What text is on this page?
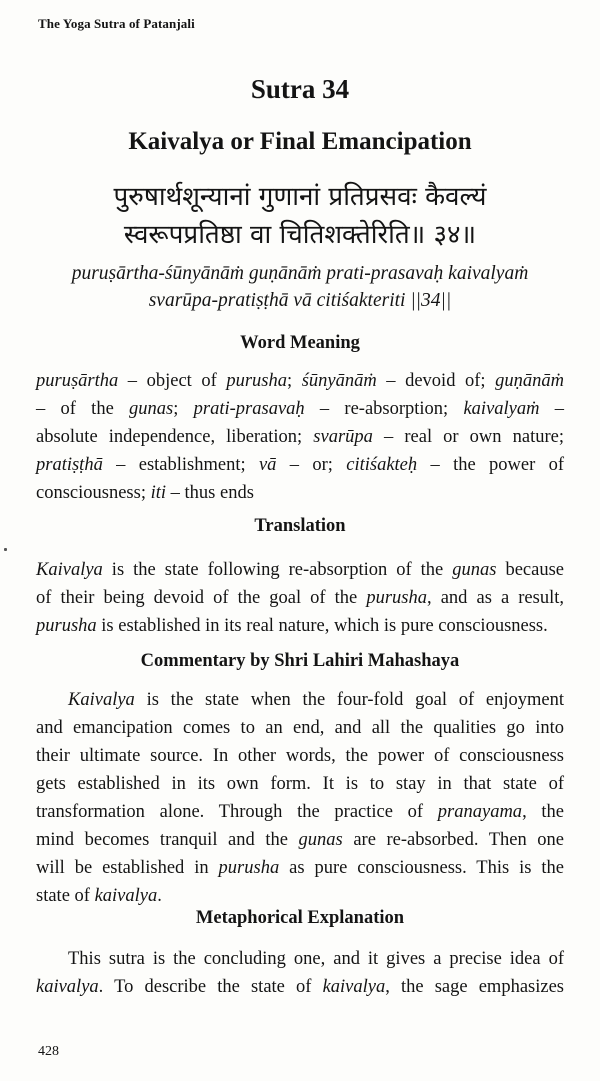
The Yoga Sutra of Patanjali
Sutra 34
Kaivalya or Final Emancipation
पुरुषार्थशून्यानां गुणानां प्रतिप्रसवः कैवल्यं
स्वरूपप्रतिष्ठा वा चितिशक्तेरिति॥ ३४॥
puruṣārtha-śūnyānāṁ guṇānāṁ prati-prasavaḥ kaivalyaṁ
svarūpa-pratiṣṭhā vā citiśakteriti ||34||
Word Meaning
puruṣārtha – object of purusha; śūnyānāṁ – devoid of; guṇānāṁ
– of the gunas; prati-prasavaḥ – re-absorption; kaivalyaṁ –
absolute independence, liberation; svarūpa – real or own nature;
pratiṣṭhā – establishment; vā – or; citiśakteḥ – the power of
consciousness; iti – thus ends
Translation
Kaivalya is the state following re-absorption of the gunas because
of their being devoid of the goal of the purusha, and as a result,
purusha is established in its real nature, which is pure consciousness.
Commentary by Shri Lahiri Mahashaya
Kaivalya is the state when the four-fold goal of enjoyment
and emancipation comes to an end, and all the qualities go into
their ultimate source. In other words, the power of consciousness
gets established in its own form. It is to stay in that state of
transformation alone. Through the practice of pranayama, the
mind becomes tranquil and the gunas are re-absorbed. Then one
will be established in purusha as pure consciousness. This is the
state of kaivalya.
Metaphorical Explanation
This sutra is the concluding one, and it gives a precise idea of
kaivalya. To describe the state of kaivalya, the sage emphasizes
428
